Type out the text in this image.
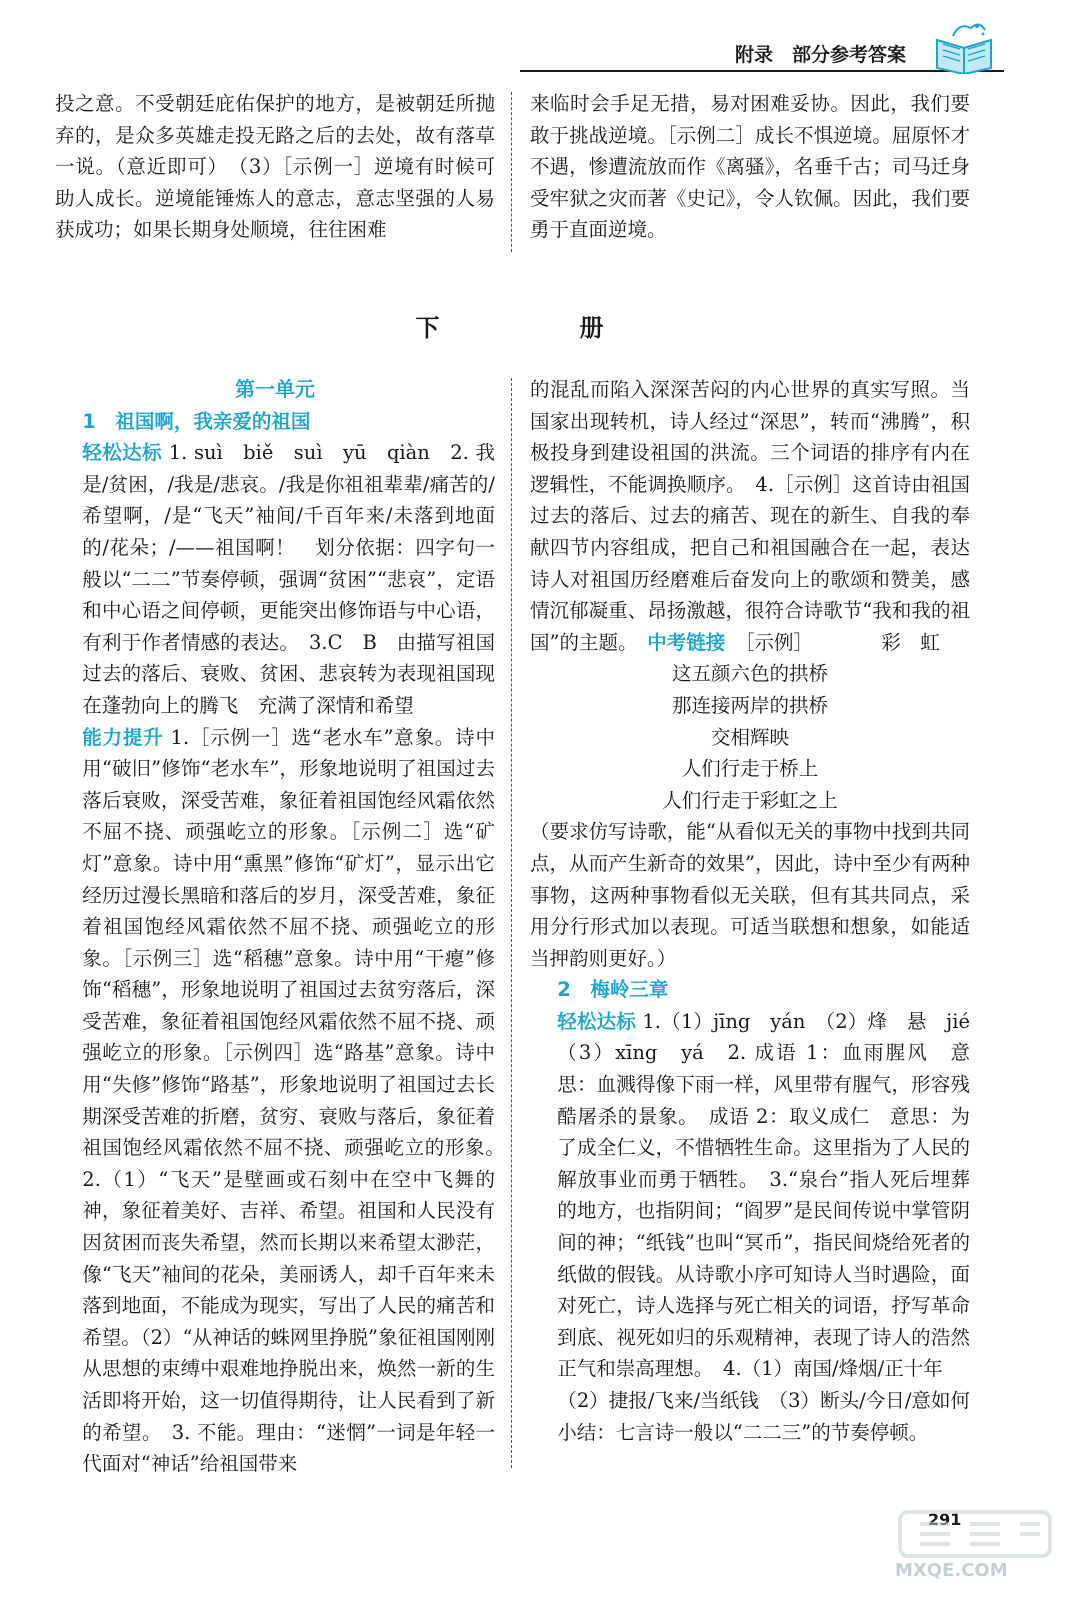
附录　部分参考答案

投之意。不受朝廷庇佑保护的地方，是被朝廷所抛弃的，是众多英雄走投无路之后的去处，故有落草一说。（意近即可）　（3）［示例一］逆境有时候可助人成长。逆境能锤炼人的意志，意志坚强的人易获成功；如果长期身处顺境，往往困难

来临时会手足无措，易对困难妥协。因此，我们要敢于挑战逆境。［示例二］成长不惧逆境。屈原怀才不遇，惨遭流放而作《离骚》，名垂千古；司马迁身受牢狱之灾而著《史记》，令人钦佩。因此，我们要勇于直面逆境。

下　册

第一单元

1　祖国啊，我亲爱的祖国

轻松达标 1. suì　biě　suì　yū　qiàn　2. 我是/贫困，/我是/悲哀。/我是你祖祖辈辈/痛苦的/希望啊，/是“飞天”袖间/千百年来/未落到地面的/花朵；/——祖国啊！　划分依据：四字句一般以“二二”节奏停顿，强调“贫困”“悲哀”，定语和中心语之间停顿，更能突出修饰语与中心语，有利于作者情感的表达。　3.C　B　由描写祖国过去的落后、衰败、贫困、悲哀转为表现祖国现在蓬勃向上的腾飞　充满了深情和希望

能力提升 1.［示例一］选“老水车”意象。诗中用“破旧”修饰“老水车”，形象地说明了祖国过去落后衰败，深受苦难，象征着祖国饱经风霜依然不屈不挠、顽强屹立的形象。［示例二］选“矿灯”意象。诗中用“熏黑”修饰“矿灯”，显示出它经历过漫长黑暗和落后的岁月，深受苦难，象征着祖国饱经风霜依然不屈不挠、顽强屹立的形象。［示例三］选“稻穗”意象。诗中用“干瘪”修饰“稻穗”，形象地说明了祖国过去贫穷落后，深受苦难，象征着祖国饱经风霜依然不屈不挠、顽强屹立的形象。［示例四］选“路基”意象。诗中用“失修”修饰“路基”，形象地说明了祖国过去长期深受苦难的折磨，贫穷、衰败与落后，象征着祖国饱经风霜依然不屈不挠、顽强屹立的形象。　2.（1）“飞天”是壁画或石刻中在空中飞舞的神，象征着美好、吉祥、希望。祖国和人民没有因贫困而丧失希望，然而长期以来希望太渺茫，像“飞天”袖间的花朵，美丽诱人，却千百年来未落到地面，不能成为现实，写出了人民的痛苦和希望。（2）“从神话的蛛网里挣脱”象征祖国刚刚从思想的束缚中艰难地挣脱出来，焕然一新的生活即将开始，这一切值得期待，让人民看到了新的希望。　3. 不能。理由：“迷惘”一词是年轻一代面对“神话”给祖国带来

的混乱而陷入深深苦闷的内心世界的真实写照。当国家出现转机，诗人经过“深思”，转而“沸腾”，积极投身到建设祖国的洪流。三个词语的排序有内在逻辑性，不能调换顺序。　4.［示例］这首诗由祖国过去的落后、过去的痛苦、现在的新生、自我的奉献四节内容组成，把自己和祖国融合在一起，表达诗人对祖国历经磨难后奋发向上的歌颂和赞美，感情沉郁凝重、昂扬激越，很符合诗歌节“我和我的祖国”的主题。　中考链接　［示例］　　　　彩　虹

这五颜六色的拱桥

那连接两岸的拱桥

交相辉映

人们行走于桥上

人们行走于彩虹之上

（要求仿写诗歌，能“从看似无关的事物中找到共同点，从而产生新奇的效果”，因此，诗中至少有两种事物，这两种事物看似无关联，但有其共同点，采用分行形式加以表现。可适当联想和想象，如能适当押韵则更好。）

2　梅岭三章

轻松达标 1.（1）jīng　yán　（2）烽　悬　jié　（3）xīng　yá　2. 成语 1：血雨腥风　意思：血溅得像下雨一样，风里带有腥气，形容残酷屠杀的景象。　成语 2：取义成仁　意思：为了成全仁义，不惜牺牲生命。这里指为了人民的解放事业而勇于牺牲。　3.“泉台”指人死后埋葬的地方，也指阴间；“阎罗”是民间传说中掌管阴间的神；“纸钱”也叫“冥币”，指民间烧给死者的纸做的假钱。从诗歌小序可知诗人当时遇险，面对死亡，诗人选择与死亡相关的词语，抒写革命到底、视死如归的乐观精神，表现了诗人的浩然正气和崇高理想。　4.（1）南国/烽烟/正十年

（2）捷报/飞来/当纸钱　（3）断头/今日/意如何　小结：七言诗一般以“二二三”的节奏停顿。

291
MXQE.COM
